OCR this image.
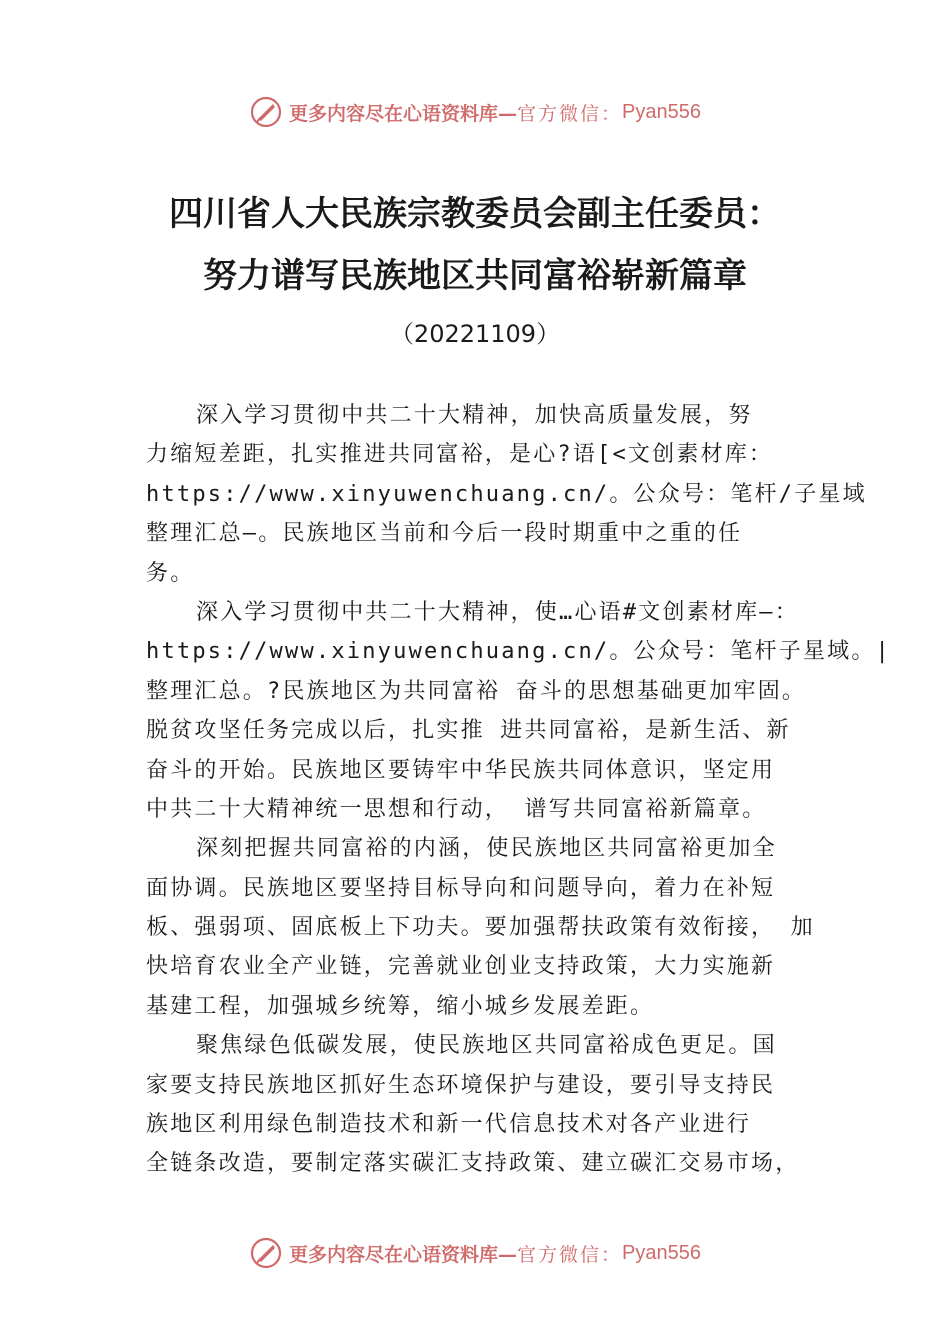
更多内容尽在心语资料库— 官方微信： Pyan556
四川省人大民族宗教委员会副主任委员：
努力谱写民族地区共同富裕崭新篇章
（20221109）
深入学习贯彻中共二十大精神，加快高质量发展，努
力缩短差距，扎实推进共同富裕，是心?语[<文创素材库：
https://www.xinyuwenchuang.cn/。公众号：笔杆/子星域
整理汇总—。民族地区当前和今后一段时期重中之重的任
务。
深入学习贯彻中共二十大精神，使…心语#文创素材库—：
https://www.xinyuwenchuang.cn/。公众号：笔杆子星域。|
整理汇总。?民族地区为共同富裕 奋斗的思想基础更加牢固。
脱贫攻坚任务完成以后，扎实推 进共同富裕，是新生活、新
奋斗的开始。民族地区要铸牢中华民族共同体意识，坚定用
中共二十大精神统一思想和行动， 谱写共同富裕新篇章。
深刻把握共同富裕的内涵，使民族地区共同富裕更加全
面协调。民族地区要坚持目标导向和问题导向，着力在补短
板、强弱项、固底板上下功夫。要加强帮扶政策有效衔接， 加
快培育农业全产业链，完善就业创业支持政策，大力实施新
基建工程，加强城乡统筹，缩小城乡发展差距。
聚焦绿色低碳发展，使民族地区共同富裕成色更足。国
家要支持民族地区抓好生态环境保护与建设，要引导支持民
族地区利用绿色制造技术和新一代信息技术对各产业进行
全链条改造，要制定落实碳汇支持政策、建立碳汇交易市场，
更多内容尽在心语资料库— 官方微信： Pyan556
